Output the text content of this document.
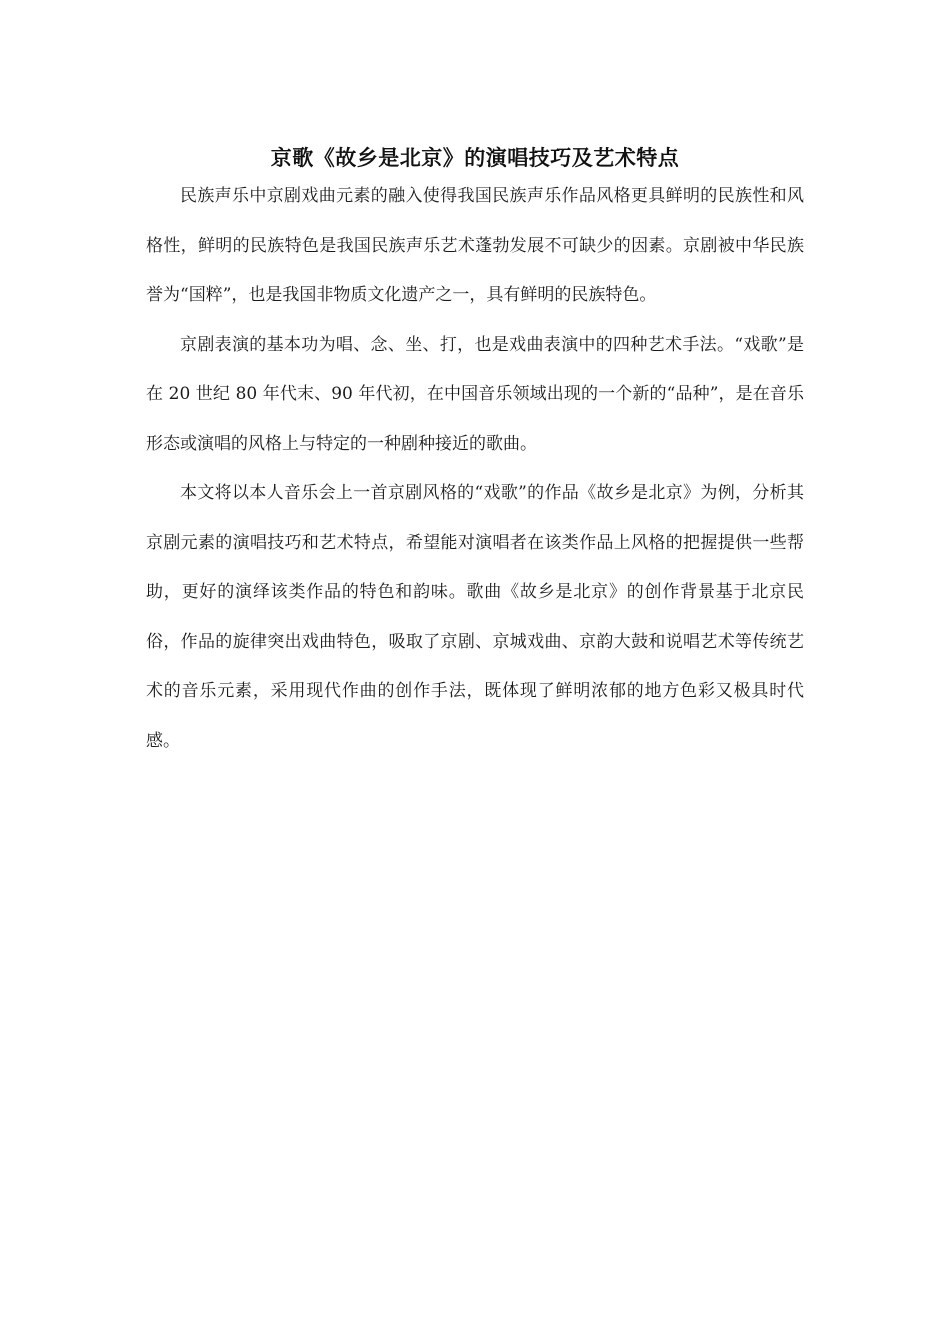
京歌《故乡是北京》的演唱技巧及艺术特点

民族声乐中京剧戏曲元素的融入使得我国民族声乐作品风格更具鲜明的民族性和风格性，鲜明的民族特色是我国民族声乐艺术蓬勃发展不可缺少的因素。京剧被中华民族誉为“国粹”，也是我国非物质文化遗产之一，具有鲜明的民族特色。

京剧表演的基本功为唱、念、坐、打，也是戏曲表演中的四种艺术手法。“戏歌”是在 20 世纪 80 年代末、90 年代初，在中国音乐领域出现的一个新的“品种”，是在音乐形态或演唱的风格上与特定的一种剧种接近的歌曲。

本文将以本人音乐会上一首京剧风格的“戏歌”的作品《故乡是北京》为例，分析其京剧元素的演唱技巧和艺术特点，希望能对演唱者在该类作品上风格的把握提供一些帮助，更好的演绎该类作品的特色和韵味。歌曲《故乡是北京》的创作背景基于北京民俗，作品的旋律突出戏曲特色，吸取了京剧、京城戏曲、京韵大鼓和说唱艺术等传统艺术的音乐元素，采用现代作曲的创作手法，既体现了鲜明浓郁的地方色彩又极具时代感。
